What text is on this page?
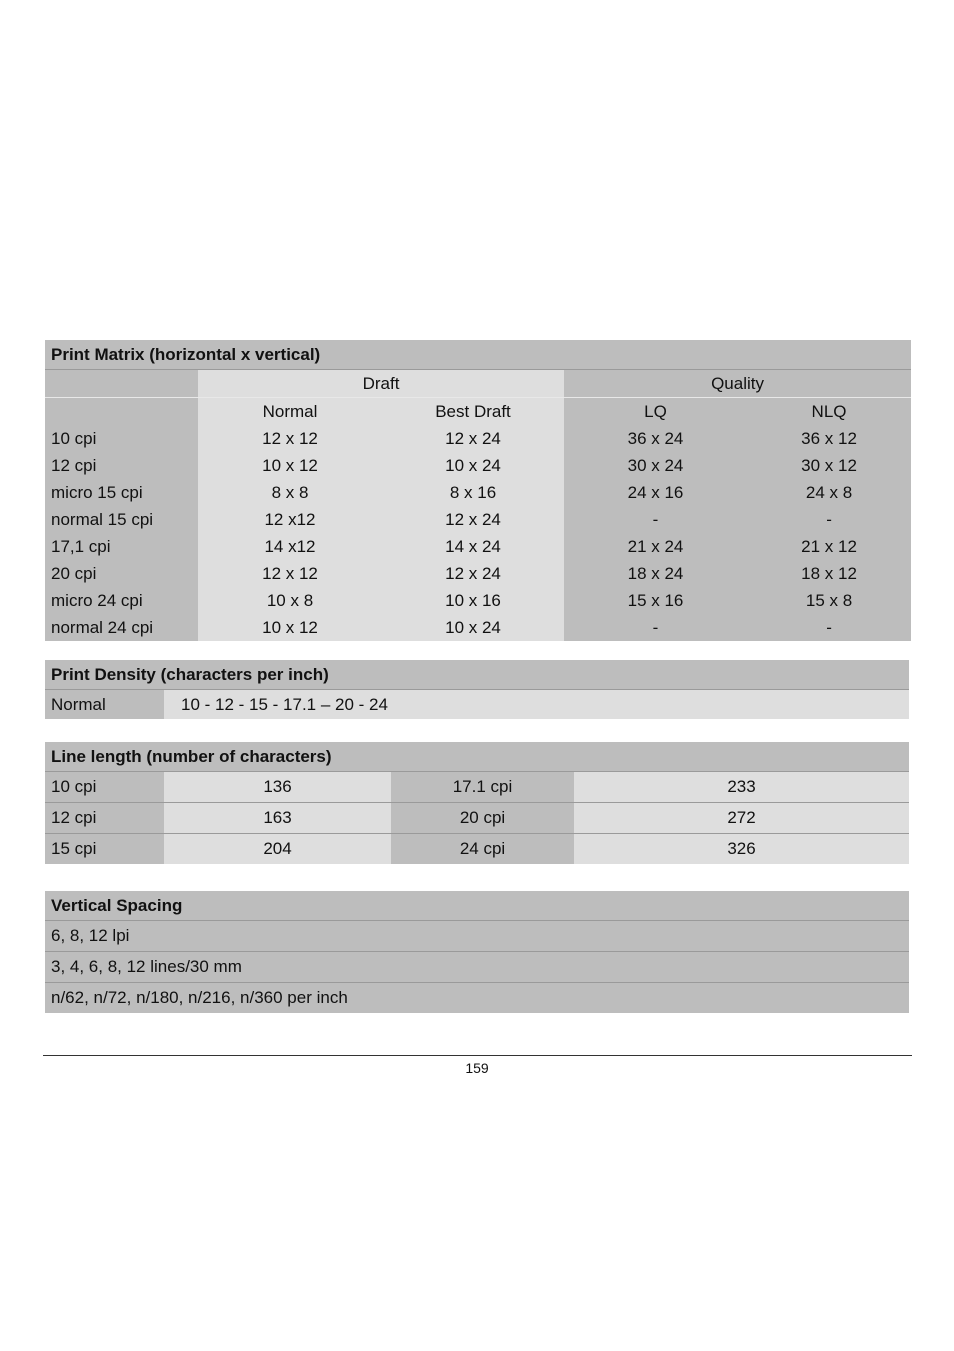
Print Matrix (horizontal x vertical)				
	Draft		Quality	
	Normal	Best Draft	LQ	NLQ
10 cpi	12 x 12	12 x 24	36 x 24	36 x 12
12 cpi	10 x 12	10 x 24	30 x 24	30 x 12
micro 15 cpi	8 x 8	8 x 16	24 x 16	24 x 8
normal 15 cpi	12 x12	12 x 24	-	-
17,1 cpi	14 x12	14 x 24	21 x 24	21 x 12
20 cpi	12 x 12	12 x 24	18 x 24	18 x 12
micro 24 cpi	10 x 8	10 x 16	15 x 16	15 x 8
normal 24 cpi	10 x 12	10 x 24	-	-
Print Density (characters per inch)
Normal	10 - 12 - 15 - 17.1 – 20 - 24
Line length (number of characters)			
10 cpi	136	17.1 cpi	233
12 cpi	163	20 cpi	272
15 cpi	204	24 cpi	326
Vertical Spacing
6, 8, 12 lpi
3, 4, 6, 8, 12 lines/30 mm
n/62, n/72, n/180, n/216, n/360 per inch
159
